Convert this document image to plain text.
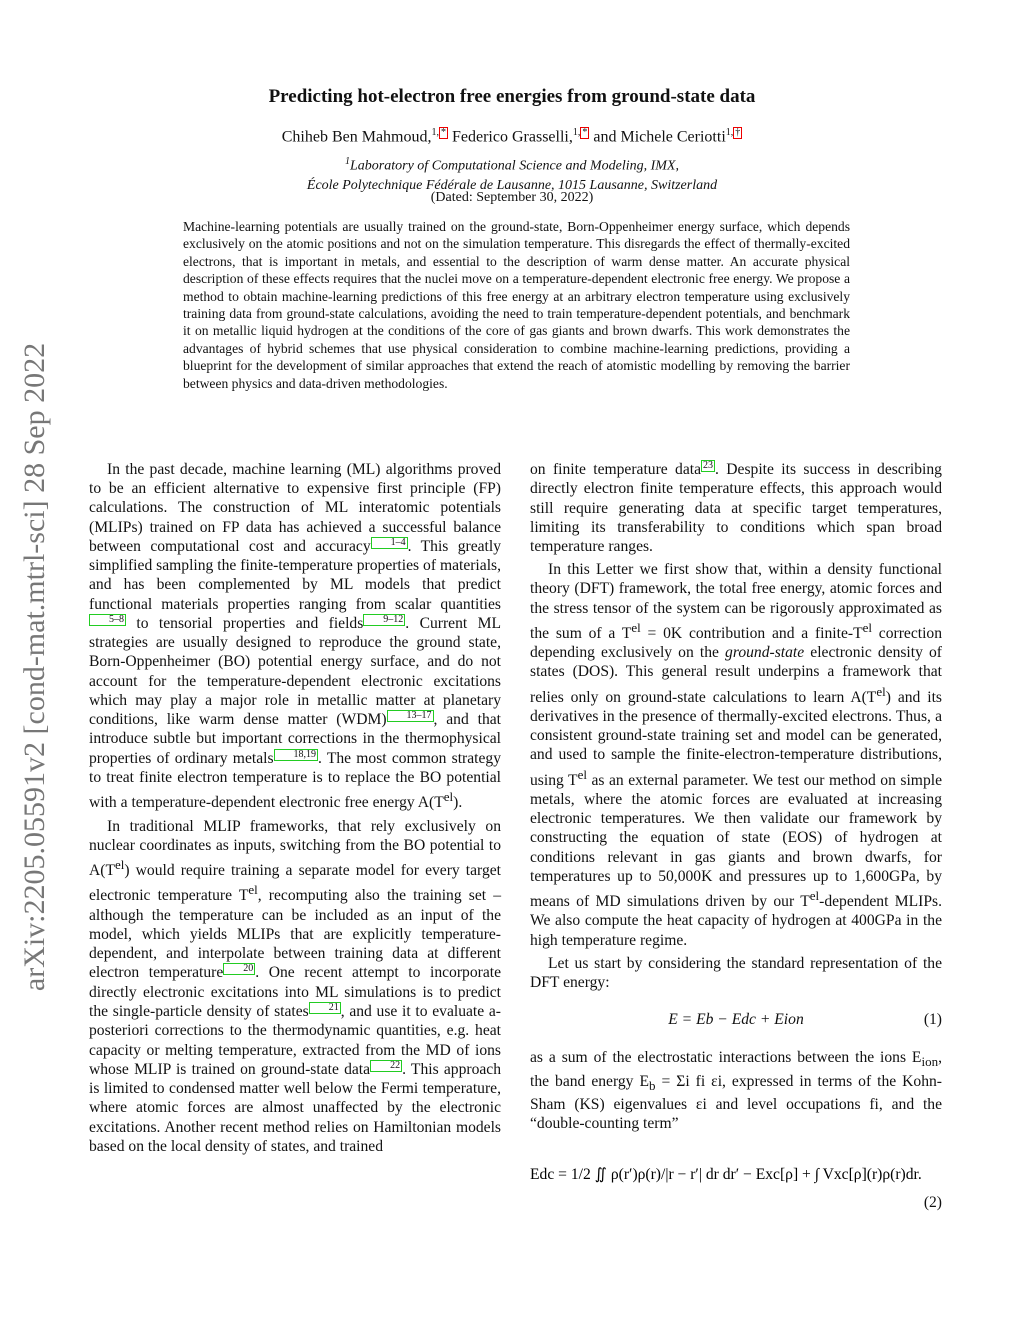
arXiv:2205.05591v2 [cond-mat.mtrl-sci] 28 Sep 2022
Predicting hot-electron free energies from ground-state data
Chiheb Ben Mahmoud,$^{1,}$ * Federico Grasselli,$^{1,}$ * and Michele Ceriotti$^{1,}$ †
$^1$Laboratory of Computational Science and Modeling, IMX,
École Polytechnique Fédérale de Lausanne, 1015 Lausanne, Switzerland
(Dated: September 30, 2022)
Machine-learning potentials are usually trained on the ground-state, Born-Oppenheimer energy surface, which depends exclusively on the atomic positions and not on the simulation temperature. This disregards the effect of thermally-excited electrons, that is important in metals, and essential to the description of warm dense matter. An accurate physical description of these effects requires that the nuclei move on a temperature-dependent electronic free energy. We propose a method to obtain machine-learning predictions of this free energy at an arbitrary electron temperature using exclusively training data from ground-state calculations, avoiding the need to train temperature-dependent potentials, and benchmark it on metallic liquid hydrogen at the conditions of the core of gas giants and brown dwarfs. This work demonstrates the advantages of hybrid schemes that use physical consideration to combine machine-learning predictions, providing a blueprint for the development of similar approaches that extend the reach of atomistic modelling by removing the barrier between physics and data-driven methodologies.

In the past decade, machine learning (ML) algorithms proved to be an efficient alternative to expensive first principle (FP) calculations. The construction of ML interatomic potentials (MLIPs) trained on FP data has achieved a successful balance between computational cost and accuracy 1–4 . This greatly simplified sampling the finite-temperature properties of materials, and has been complemented by ML models that predict functional materials properties ranging from scalar quantities5–8 to tensorial properties and fields 9–12 . Current ML strategies are usually designed to reproduce the ground state, Born-Oppenheimer (BO) potential energy surface, and do not account for the temperature-dependent electronic excitations which may play a major role in metallic matter at planetary conditions, like warm dense matter (WDM) 13–17 , and that introduce subtle but important corrections in the thermophysical properties of ordinary metals 18,19 . The most common strategy to treat finite electron temperature is to replace the BO potential with a temperature-dependent electronic free energy $A(T^{el})$.

In traditional MLIP frameworks, that rely exclusively on nuclear coordinates as inputs, switching from the BO potential to $A(T^{el})$ would require training a separate model for every target electronic temperature $T^{el}$, recomputing also the training set – although the temperature can be included as an input of the model, which yields MLIPs that are explicitly temperature-dependent, and interpolate between training data at different electron temperature 20 . One recent attempt to incorporate directly electronic excitations into ML simulations is to predict the single-particle density of states 21 , and use it to evaluate a-posteriori corrections to the thermodynamic quantities, e.g. heat capacity or melting temperature, extracted from the MD of ions whose MLIP is trained on ground-state data 22 . This approach is limited to condensed matter well below the Fermi temperature, where atomic forces are almost unaffected by the electronic excitations. Another recent method relies on Hamiltonian models based on the local density of states, and trained

on finite temperature data 23 . Despite its success in describing directly electron finite temperature effects, this approach would still require generating data at specific target temperatures, limiting its transferability to conditions which span broad temperature ranges.

In this Letter we first show that, within a density functional theory (DFT) framework, the total free energy, atomic forces and the stress tensor of the system can be rigorously approximated as the sum of a $T^{el} = 0K$ contribution and a finite-$T^{el}$ correction depending exclusively on the ground-state electronic density of states (DOS). This general result underpins a framework that relies only on ground-state calculations to learn $A(T^{el})$ and its derivatives in the presence of thermally-excited electrons. Thus, a consistent ground-state training set and model can be generated, and used to sample the finite-electron-temperature distributions, using $T^{el}$ as an external parameter. We test our method on simple metals, where the atomic forces are evaluated at increasing electronic temperatures. We then validate our framework by constructing the equation of state (EOS) of hydrogen at conditions relevant in gas giants and brown dwarfs, for temperatures up to 50,000K and pressures up to 1,600GPa, by means of MD simulations driven by our $T^{el}$-dependent MLIPs. We also compute the heat capacity of hydrogen at 400GPa in the high temperature regime.

Let us start by considering the standard representation of the DFT energy:

E = Eb − Edc + Eion	(1)

as a sum of the electrostatic interactions between the ions $E_{ion}$, the band energy $E_b = \Sigma i$ fi εi, expressed in terms of the Kohn-Sham (KS) eigenvalues εi and level occupations fi, and the “double-counting term”

Edc = 1/2 ∬ ρ(r′)ρ(r)/|r − r′| dr dr′ − Exc[ρ] + ∫ Vxc[ρ](r)ρ(r)dr.
(2)
